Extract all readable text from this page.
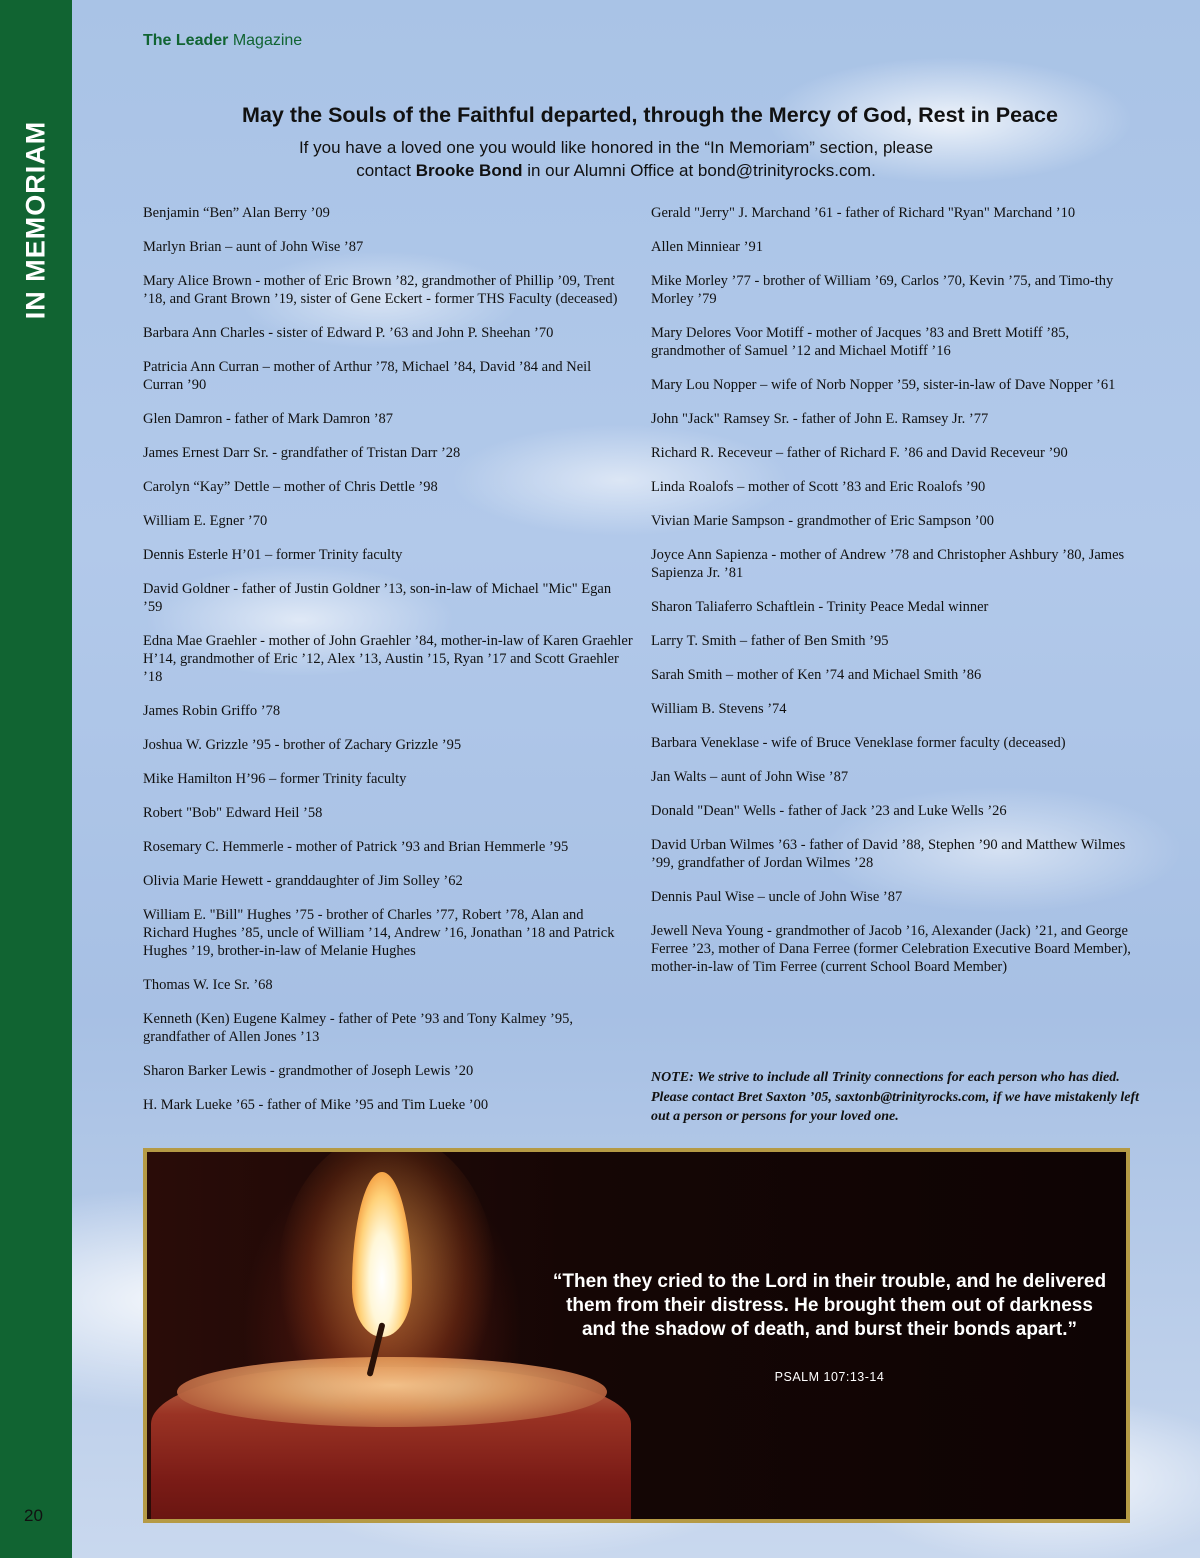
IN MEMORIAM
20
The Leader Magazine
May the Souls of the Faithful departed, through the Mercy of God, Rest in Peace
If you have a loved one you would like honored in the “In Memoriam” section, please
contact Brooke Bond in our Alumni Office at bond@trinityrocks.com.
Benjamin “Ben” Alan Berry ’09
Marlyn Brian – aunt of John Wise ’87
Mary Alice Brown - mother of Eric Brown ’82, grandmother of Phillip ’09, Trent ’18, and Grant Brown ’19, sister of Gene Eckert - former THS Faculty (deceased)
Barbara Ann Charles - sister of Edward P. ’63 and John P. Sheehan ’70
Patricia Ann Curran – mother of Arthur ’78, Michael ’84, David ’84 and Neil Curran ’90
Glen Damron - father of Mark Damron ’87
James Ernest Darr Sr. - grandfather of Tristan Darr ’28
Carolyn “Kay” Dettle – mother of Chris Dettle ’98
William E. Egner ’70
Dennis Esterle H’01 – former Trinity faculty
David Goldner - father of Justin Goldner ’13, son-in-law of Michael "Mic" Egan ’59
Edna Mae Graehler - mother of John Graehler ’84, mother-in-law of Karen Graehler H’14, grandmother of Eric ’12, Alex ’13, Austin ’15, Ryan ’17 and Scott Graehler ’18
James Robin Griffo ’78
Joshua W. Grizzle ’95 - brother of Zachary Grizzle ’95
Mike Hamilton H’96 – former Trinity faculty
Robert "Bob" Edward Heil ’58
Rosemary C. Hemmerle - mother of Patrick ’93 and Brian Hemmerle ’95
Olivia Marie Hewett - granddaughter of Jim Solley ’62
William E. "Bill" Hughes ’75 - brother of Charles ’77, Robert ’78, Alan and Richard Hughes ’85, uncle of William ’14, Andrew ’16, Jonathan ’18 and Patrick Hughes ’19, brother-in-law of Melanie Hughes
Thomas W. Ice Sr. ’68
Kenneth (Ken) Eugene Kalmey - father of Pete ’93 and Tony Kalmey ’95, grandfather of Allen Jones ’13
Sharon Barker Lewis - grandmother of Joseph Lewis ’20
H. Mark Lueke ’65 - father of Mike ’95 and Tim Lueke ’00
Gerald "Jerry" J. Marchand ’61 - father of Richard "Ryan" Marchand ’10
Allen Minniear ’91
Mike Morley ’77 - brother of William ’69, Carlos ’70, Kevin ’75, and Timo-thy Morley ’79
Mary Delores Voor Motiff - mother of Jacques ’83 and Brett Motiff ’85, grandmother of Samuel ’12 and Michael Motiff ’16
Mary Lou Nopper – wife of Norb Nopper ’59, sister-in-law of Dave Nopper ’61
John "Jack" Ramsey Sr. - father of John E. Ramsey Jr. ’77
Richard R. Receveur – father of Richard F. ’86 and David Receveur ’90
Linda Roalofs – mother of Scott ’83 and Eric Roalofs ’90
Vivian Marie Sampson - grandmother of Eric Sampson ’00
Joyce Ann Sapienza - mother of Andrew ’78 and Christopher Ashbury ’80, James Sapienza Jr. ’81
Sharon Taliaferro Schaftlein - Trinity Peace Medal winner
Larry T. Smith – father of Ben Smith ’95
Sarah Smith – mother of Ken ’74 and Michael Smith ’86
William B. Stevens ’74
Barbara Veneklase - wife of Bruce Veneklase former faculty (deceased)
Jan Walts – aunt of John Wise ’87
Donald "Dean" Wells - father of Jack ’23 and Luke Wells ’26
David Urban Wilmes ’63 - father of David ’88, Stephen ’90 and Matthew Wilmes ’99, grandfather of Jordan Wilmes ’28
Dennis Paul Wise – uncle of John Wise ’87
Jewell Neva Young - grandmother of Jacob ’16, Alexander (Jack) ’21, and George Ferree ’23, mother of Dana Ferree (former Celebration Executive Board Member), mother-in-law of Tim Ferree (current School Board Member)
NOTE: We strive to include all Trinity connections for each person who has died. Please contact Bret Saxton ’05, saxtonb@trinityrocks.com, if we have mistakenly left out a person or persons for your loved one.
“Then they cried to the Lord in their trouble, and he delivered them from their distress. He brought them out of darkness and the shadow of death, and burst their bonds apart.”
PSALM 107:13-14
